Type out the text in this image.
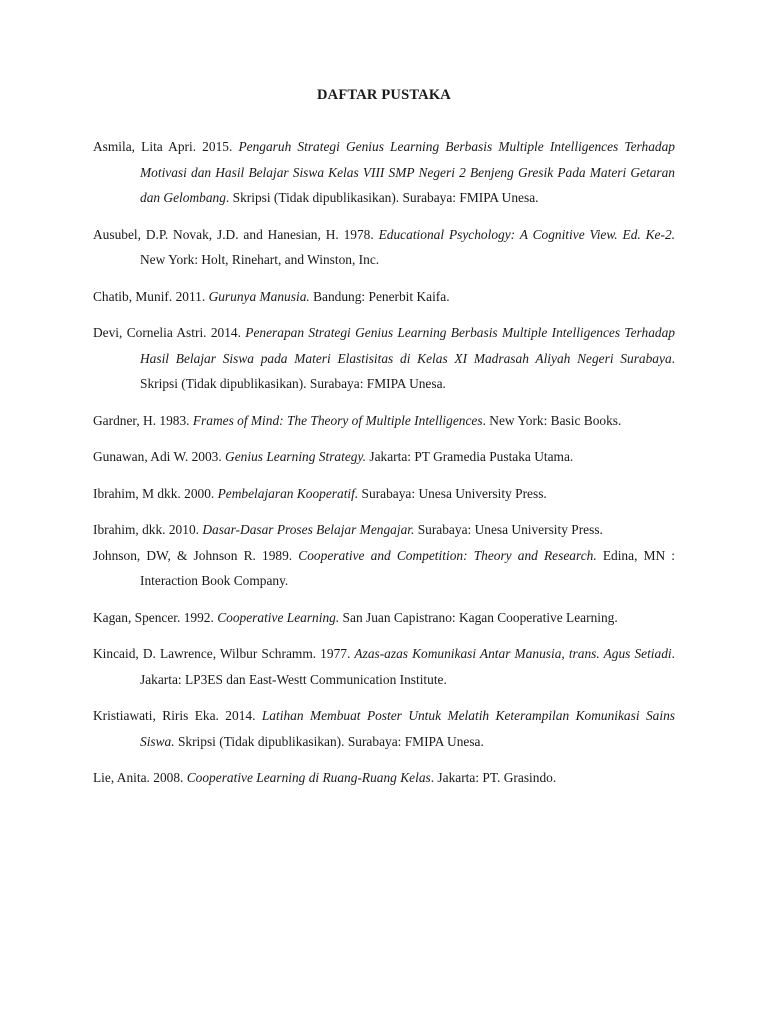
DAFTAR PUSTAKA
Asmila, Lita Apri. 2015. Pengaruh Strategi Genius Learning Berbasis Multiple Intelligences Terhadap Motivasi dan Hasil Belajar Siswa Kelas VIII SMP Negeri 2 Benjeng Gresik Pada Materi Getaran dan Gelombang. Skripsi (Tidak dipublikasikan). Surabaya: FMIPA Unesa.
Ausubel, D.P. Novak, J.D. and Hanesian, H. 1978. Educational Psychology: A Cognitive View. Ed. Ke-2. New York: Holt, Rinehart, and Winston, Inc.
Chatib, Munif. 2011. Gurunya Manusia. Bandung: Penerbit Kaifa.
Devi, Cornelia Astri. 2014. Penerapan Strategi Genius Learning Berbasis Multiple Intelligences Terhadap Hasil Belajar Siswa pada Materi Elastisitas di Kelas XI Madrasah Aliyah Negeri Surabaya. Skripsi (Tidak dipublikasikan). Surabaya: FMIPA Unesa.
Gardner, H. 1983. Frames of Mind: The Theory of Multiple Intelligences. New York: Basic Books.
Gunawan, Adi W. 2003. Genius Learning Strategy. Jakarta: PT Gramedia Pustaka Utama.
Ibrahim, M dkk. 2000. Pembelajaran Kooperatif. Surabaya: Unesa University Press.
Ibrahim, dkk. 2010. Dasar-Dasar Proses Belajar Mengajar. Surabaya: Unesa University Press.
Johnson, DW, & Johnson R. 1989. Cooperative and Competition: Theory and Research. Edina, MN : Interaction Book Company.
Kagan, Spencer. 1992. Cooperative Learning. San Juan Capistrano: Kagan Cooperative Learning.
Kincaid, D. Lawrence, Wilbur Schramm. 1977. Azas-azas Komunikasi Antar Manusia, trans. Agus Setiadi. Jakarta: LP3ES dan East-Westt Communication Institute.
Kristiawati, Riris Eka. 2014. Latihan Membuat Poster Untuk Melatih Keterampilan Komunikasi Sains Siswa. Skripsi (Tidak dipublikasikan). Surabaya: FMIPA Unesa.
Lie, Anita. 2008. Cooperative Learning di Ruang-Ruang Kelas. Jakarta: PT. Grasindo.
